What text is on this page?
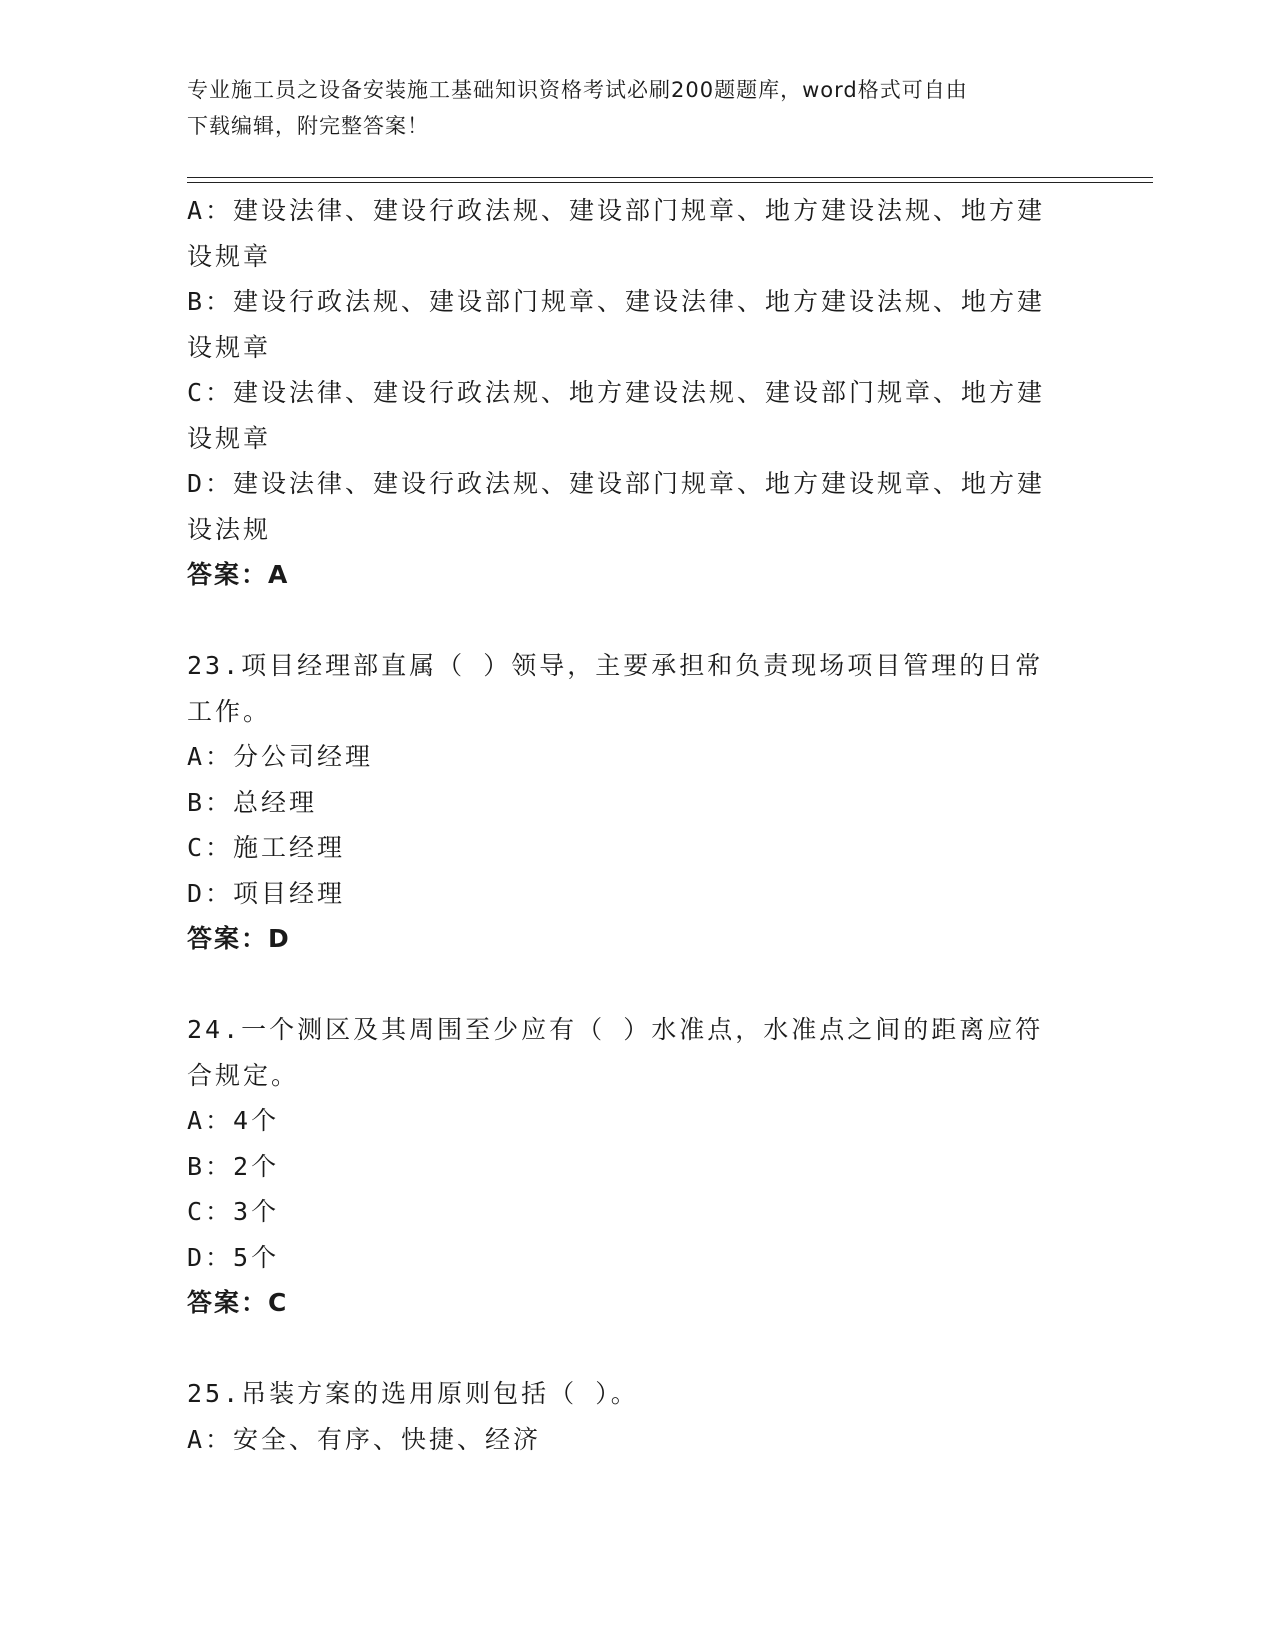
专业施工员之设备安装施工基础知识资格考试必刷200题题库，word格式可自由
下载编辑，附完整答案！
A：建设法律、建设行政法规、建设部门规章、地方建设法规、地方建
设规章
B：建设行政法规、建设部门规章、建设法律、地方建设法规、地方建
设规章
C：建设法律、建设行政法规、地方建设法规、建设部门规章、地方建
设规章
D：建设法律、建设行政法规、建设部门规章、地方建设规章、地方建
设法规
答案：A
23.项目经理部直属（ ）领导，主要承担和负责现场项目管理的日常
工作。
A：分公司经理
B：总经理
C：施工经理
D：项目经理
答案：D
24.一个测区及其周围至少应有（ ）水准点，水准点之间的距离应符
合规定。
A：4个
B：2个
C：3个
D：5个
答案：C
25.吊装方案的选用原则包括（ ）。
A：安全、有序、快捷、经济
